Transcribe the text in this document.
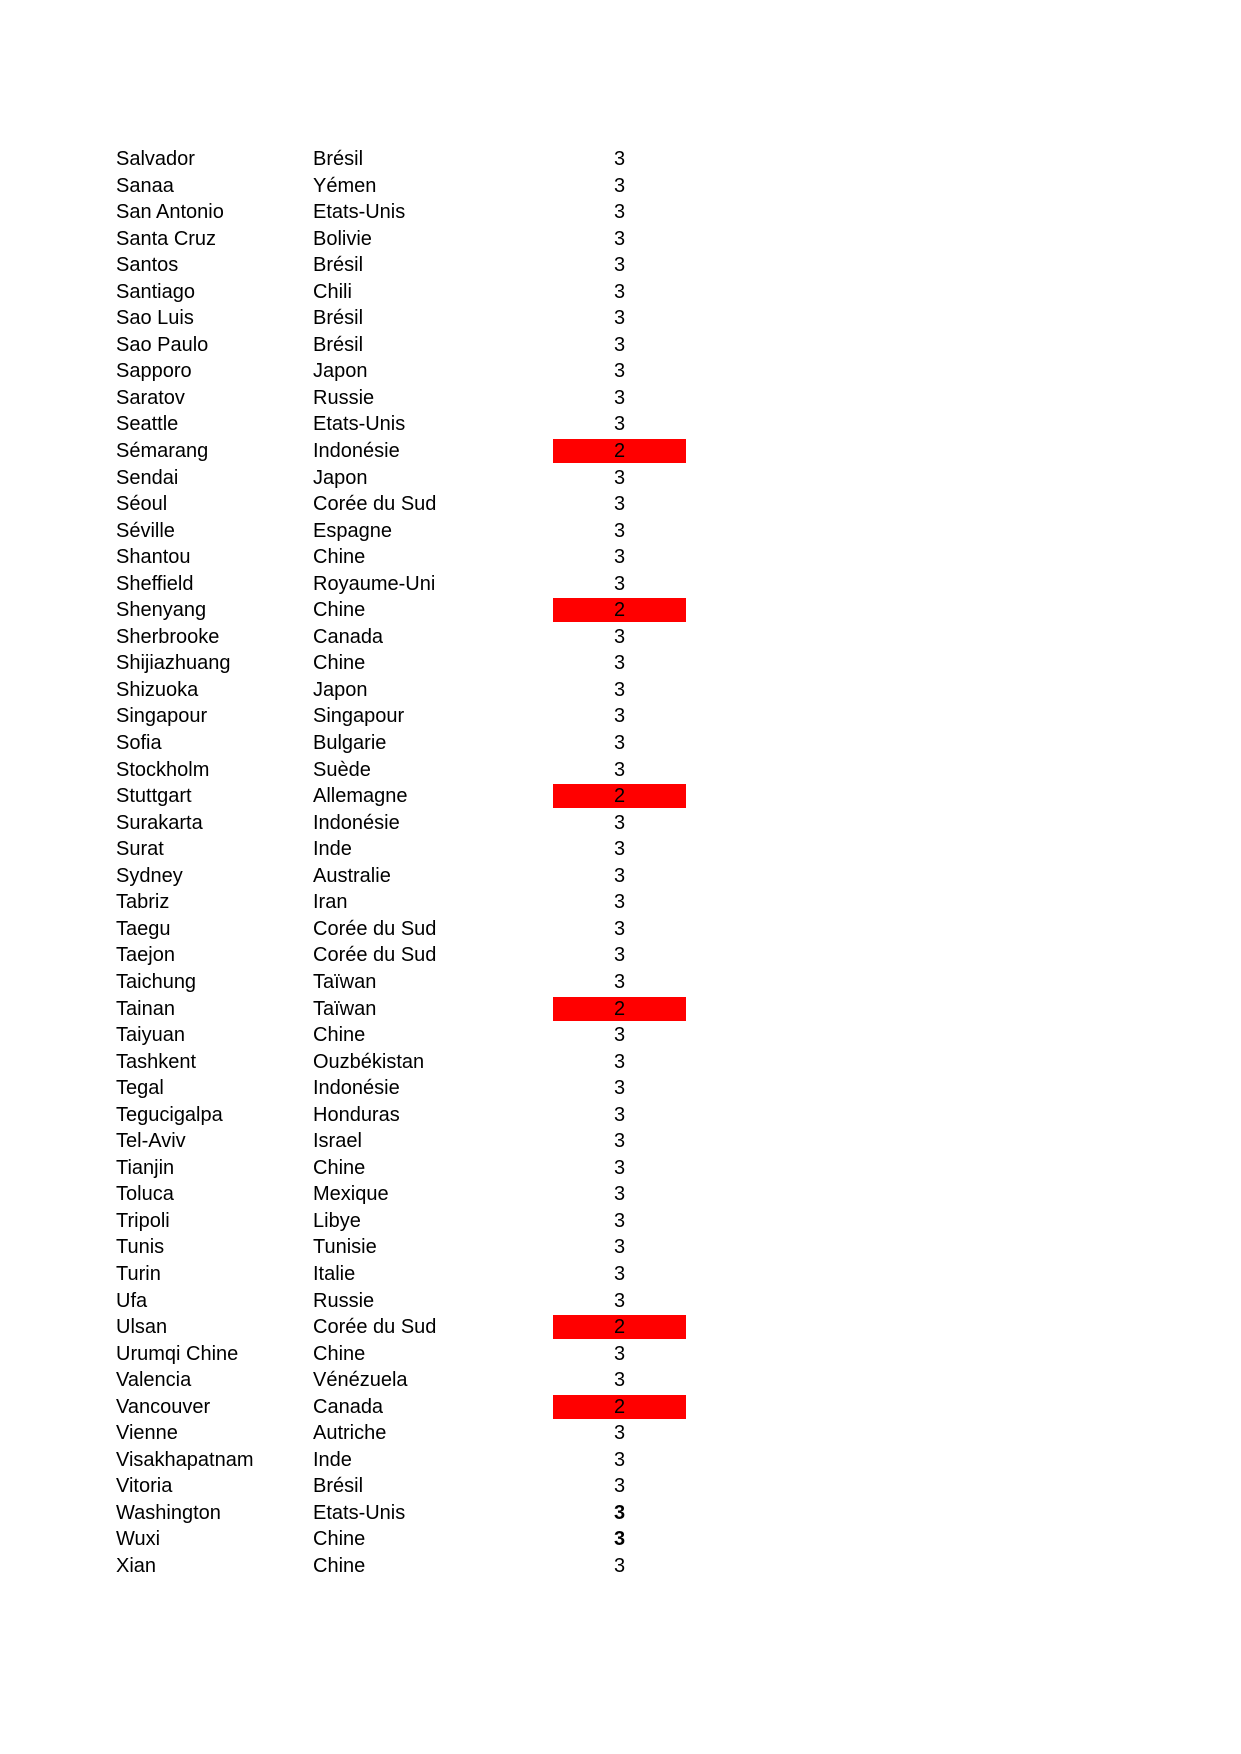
Salvador	Brésil	3
Sanaa	Yémen	3
San Antonio	Etats-Unis	3
Santa Cruz	Bolivie	3
Santos	Brésil	3
Santiago	Chili	3
Sao Luis	Brésil	3
Sao Paulo	Brésil	3
Sapporo	Japon	3
Saratov	Russie	3
Seattle	Etats-Unis	3
Sémarang	Indonésie	2
Sendai	Japon	3
Séoul	Corée du Sud	3
Séville	Espagne	3
Shantou	Chine	3
Sheffield	Royaume-Uni	3
Shenyang	Chine	2
Sherbrooke	Canada	3
Shijiazhuang	Chine	3
Shizuoka	Japon	3
Singapour	Singapour	3
Sofia	Bulgarie	3
Stockholm	Suède	3
Stuttgart	Allemagne	2
Surakarta	Indonésie	3
Surat	Inde	3
Sydney	Australie	3
Tabriz	Iran	3
Taegu	Corée du Sud	3
Taejon	Corée du Sud	3
Taichung	Taïwan	3
Tainan	Taïwan	2
Taiyuan	Chine	3
Tashkent	Ouzbékistan	3
Tegal	Indonésie	3
Tegucigalpa	Honduras	3
Tel-Aviv	Israel	3
Tianjin	Chine	3
Toluca	Mexique	3
Tripoli	Libye	3
Tunis	Tunisie	3
Turin	Italie	3
Ufa	Russie	3
Ulsan	Corée du Sud	2
Urumqi Chine	Chine	3
Valencia	Vénézuela	3
Vancouver	Canada	2
Vienne	Autriche	3
Visakhapatnam	Inde	3
Vitoria	Brésil	3
Washington	Etats-Unis	3
Wuxi	Chine	3
Xian	Chine	3
